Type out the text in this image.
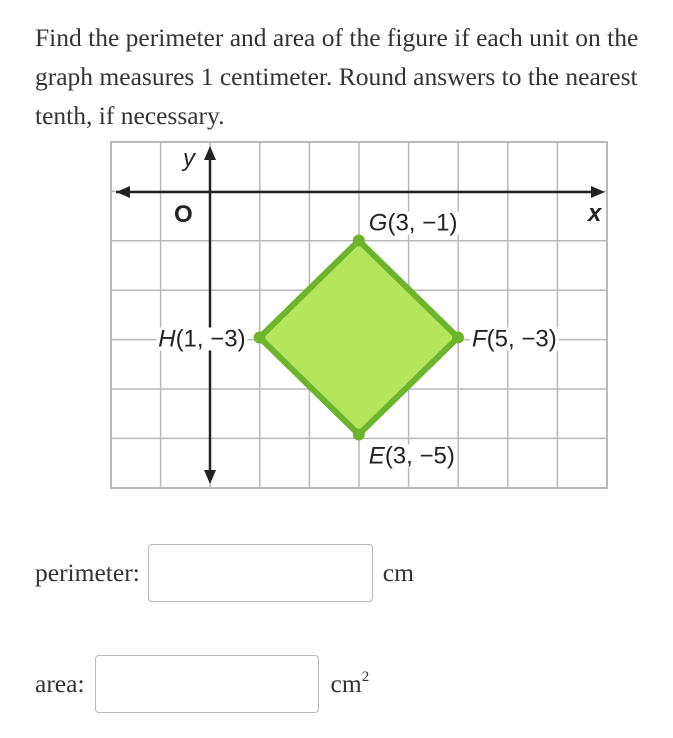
Find the perimeter and area of the figure if each unit on the graph measures 1 centimeter. Round answers to the nearest tenth, if necessary.

y
x
O	G(3, −1)
F(5, −3)
E(3, −5)
H(1, −3)
perimeter:	cm
area:	$cm^2$
